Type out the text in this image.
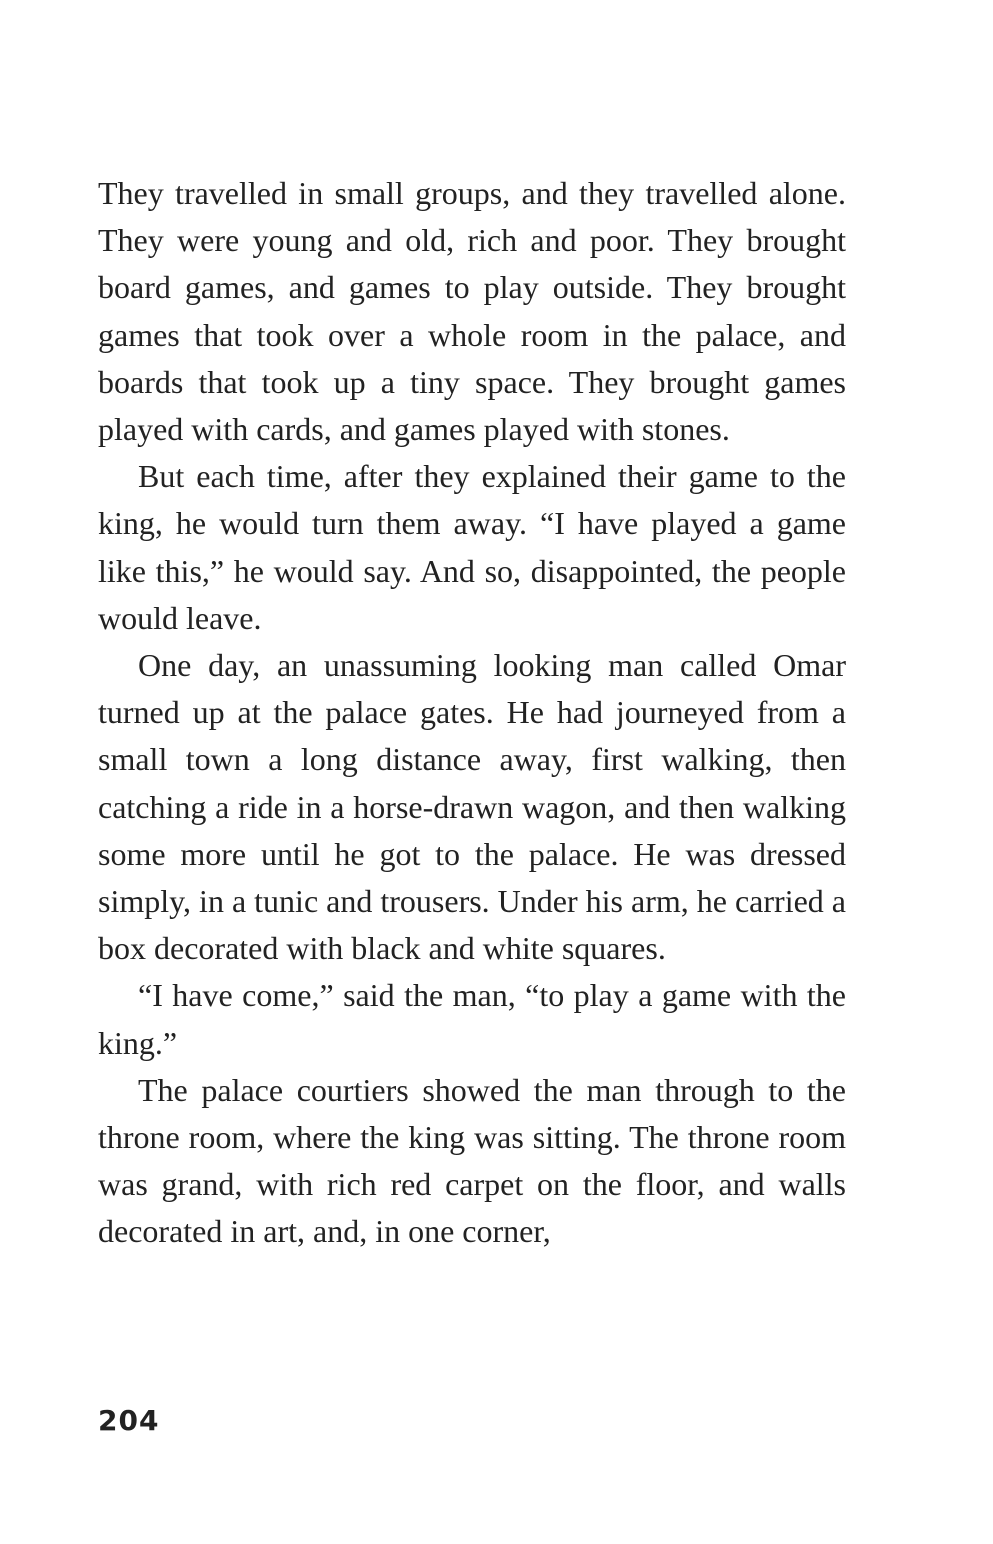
They travelled in small groups, and they travelled alone. They were young and old, rich and poor. They brought board games, and games to play outside. They brought games that took over a whole room in the palace, and boards that took up a tiny space. They brought games played with cards, and games played with stones.

But each time, after they explained their game to the king, he would turn them away. “I have played a game like this,” he would say. And so, disappointed, the people would leave.

One day, an unassuming looking man called Omar turned up at the palace gates. He had journeyed from a small town a long distance away, first walking, then catching a ride in a horse-drawn wagon, and then walking some more until he got to the palace. He was dressed simply, in a tunic and trousers. Under his arm, he carried a box decorated with black and white squares.

“I have come,” said the man, “to play a game with the king.”

The palace courtiers showed the man through to the throne room, where the king was sitting. The throne room was grand, with rich red carpet on the floor, and walls decorated in art, and, in one corner,

204
